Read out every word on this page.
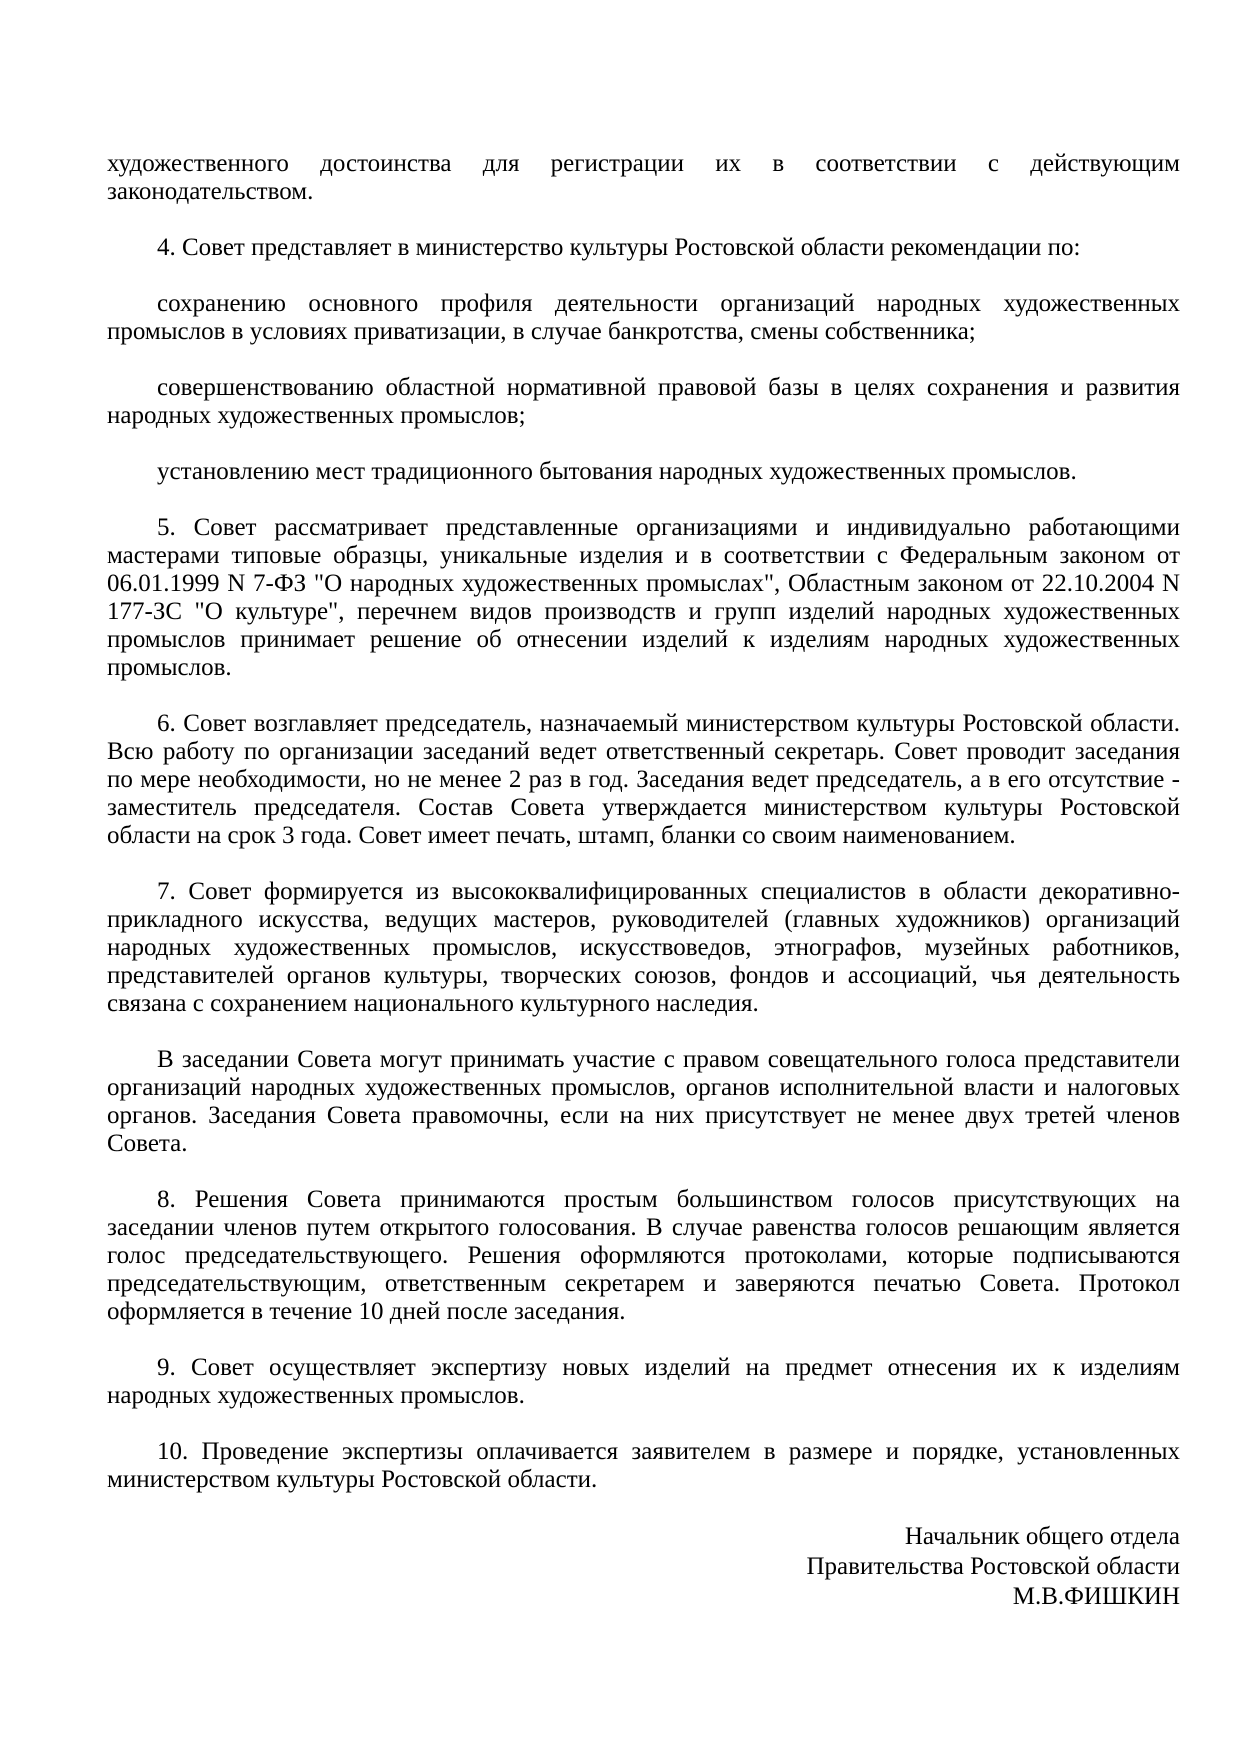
художественного достоинства для регистрации их в соответствии с действующим законодательством.

4. Совет представляет в министерство культуры Ростовской области рекомендации по:

сохранению основного профиля деятельности организаций народных художественных промыслов в условиях приватизации, в случае банкротства, смены собственника;

совершенствованию областной нормативной правовой базы в целях сохранения и развития народных художественных промыслов;

установлению мест традиционного бытования народных художественных промыслов.

5. Совет рассматривает представленные организациями и индивидуально работающими мастерами типовые образцы, уникальные изделия и в соответствии с Федеральным законом от 06.01.1999 N 7-ФЗ "О народных художественных промыслах", Областным законом от 22.10.2004 N 177-ЗС "О культуре", перечнем видов производств и групп изделий народных художественных промыслов принимает решение об отнесении изделий к изделиям народных художественных промыслов.

6. Совет возглавляет председатель, назначаемый министерством культуры Ростовской области. Всю работу по организации заседаний ведет ответственный секретарь. Совет проводит заседания по мере необходимости, но не менее 2 раз в год. Заседания ведет председатель, а в его отсутствие - заместитель председателя. Состав Совета утверждается министерством культуры Ростовской области на срок 3 года. Совет имеет печать, штамп, бланки со своим наименованием.

7. Совет формируется из высококвалифицированных специалистов в области декоративно-прикладного искусства, ведущих мастеров, руководителей (главных художников) организаций народных художественных промыслов, искусствоведов, этнографов, музейных работников, представителей органов культуры, творческих союзов, фондов и ассоциаций, чья деятельность связана с сохранением национального культурного наследия.

В заседании Совета могут принимать участие с правом совещательного голоса представители организаций народных художественных промыслов, органов исполнительной власти и налоговых органов. Заседания Совета правомочны, если на них присутствует не менее двух третей членов Совета.

8. Решения Совета принимаются простым большинством голосов присутствующих на заседании членов путем открытого голосования. В случае равенства голосов решающим является голос председательствующего. Решения оформляются протоколами, которые подписываются председательствующим, ответственным секретарем и заверяются печатью Совета. Протокол оформляется в течение 10 дней после заседания.

9. Совет осуществляет экспертизу новых изделий на предмет отнесения их к изделиям народных художественных промыслов.

10. Проведение экспертизы оплачивается заявителем в размере и порядке, установленных министерством культуры Ростовской области.

Начальник общего отдела
Правительства Ростовской области
М.В.ФИШКИН
